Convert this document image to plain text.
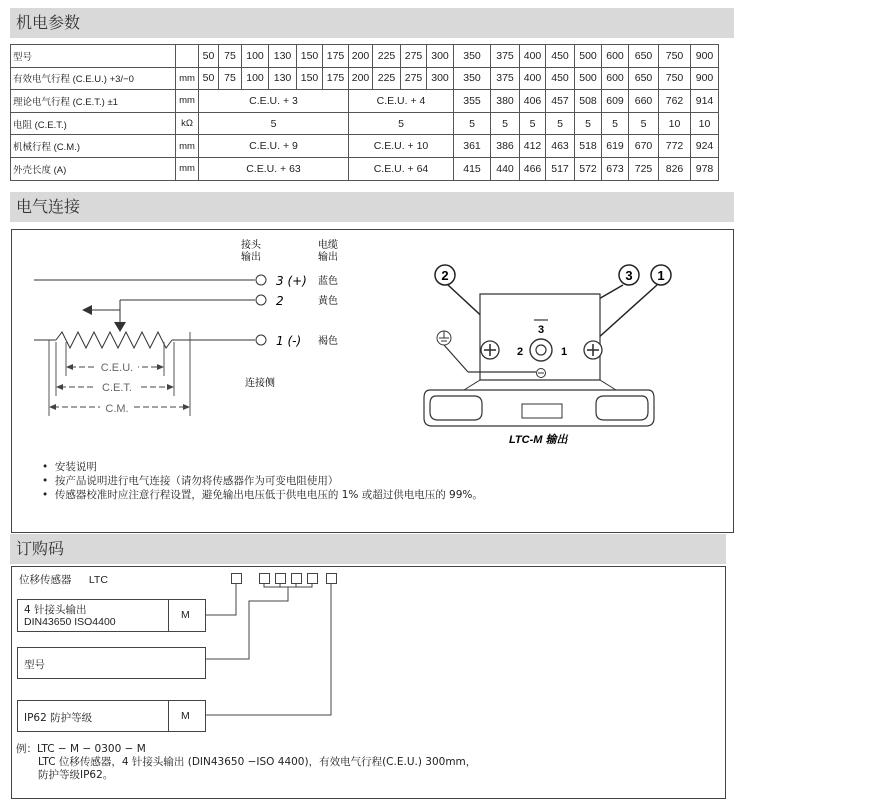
机电参数
型号		50	75	100	130	150	175	200	225	275	300	350	375	400	450	500	600	650	750	900
有效电气行程 (C.E.U.) +3/−0	mm	50	75	100	130	150	175	200	225	275	300	350	375	400	450	500	600	650	750	900
理论电气行程 (C.E.T.) ±1	mm	C.E.U. + 3						C.E.U. + 4				355	380	406	457	508	609	660	762	914
电阻 (C.E.T.)	kΩ	5						5				5	5	5	5	5	5	5	10	10
机械行程 (C.M.)	mm	C.E.U. + 9						C.E.U. + 10				361	386	412	463	518	619	670	772	924
外壳长度 (A)	mm	C.E.U. + 63						C.E.U. + 64				415	440	466	517	572	673	725	826	978
电气连接
接头
输出
电缆
输出
3 (+) 蓝色
2	黄色
1 (-) 褐色
C.E.U.
C.E.T.
C.M.
连接侧
2	3 1
2
3
1
LTC-M 输出
•  安装说明
•  按产品说明进行电气连接（请勿将传感器作为可变电阻使用）
•  传感器校准时应注意行程设置，避免输出电压低于供电电压的 1% 或超过供电电压的 99%。
订购码
位移传感器 LTC
4 针接头输出
DIN43650 ISO4400
M
型号
IP62 防护等级	M
例：LTC − M − 0300 − M
LTC 位移传感器，4 针接头输出 (DIN43650 −ISO 4400)，有效电气行程(C.E.U.) 300mm，
防护等级IP62。
